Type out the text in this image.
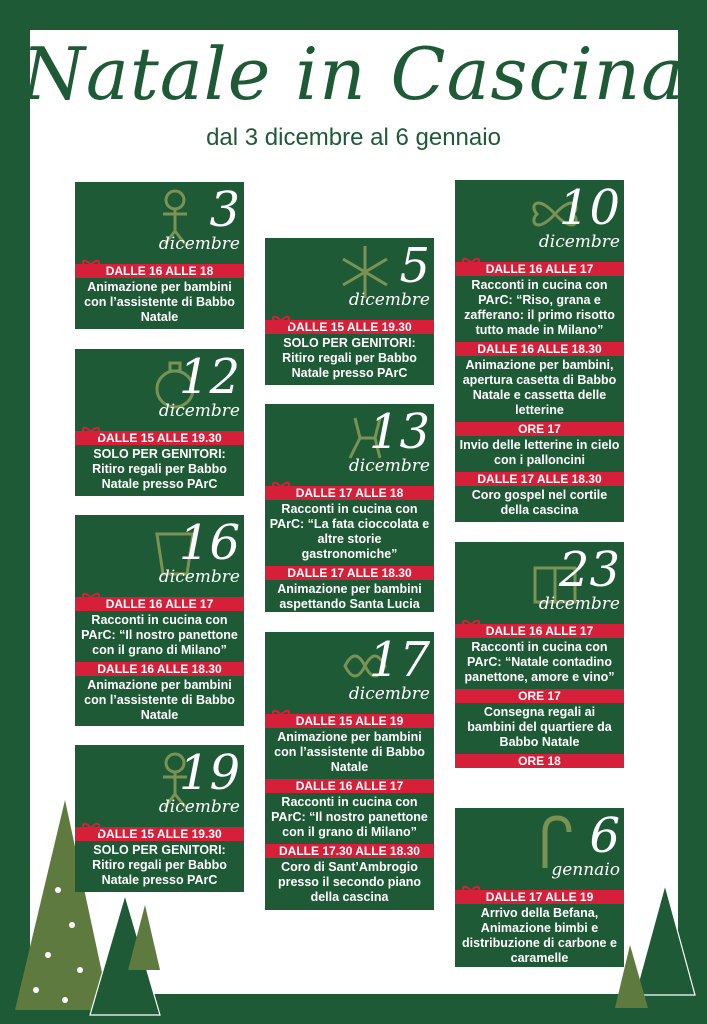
Natale in Cascina
dal 3 dicembre al 6 gennaio
3
dicembre
DALLE 16 ALLE 18
Animazione per bambini con l’assistente di Babbo Natale
12
dicembre
DALLE 15 ALLE 19.30
SOLO PER GENITORI: Ritiro regali per Babbo Natale presso PArC
16
dicembre
DALLE 16 ALLE 17
Racconti in cucina con PArC: “Il nostro panettone con il grano di Milano”
DALLE 16 ALLE 18.30
Animazione per bambini con l’assistente di Babbo Natale
19
dicembre
DALLE 15 ALLE 19.30
SOLO PER GENITORI: Ritiro regali per Babbo Natale presso PArC
5
dicembre
DALLE 15 ALLE 19.30
SOLO PER GENITORI: Ritiro regali per Babbo Natale presso PArC
13
dicembre
DALLE 17 ALLE 18
Racconti in cucina con PArC: “La fata cioccolata e altre storie gastronomiche”
DALLE 17 ALLE 18.30
Animazione per bambini aspettando Santa Lucia
17
dicembre
DALLE 15 ALLE 19
Animazione per bambini con l’assistente di Babbo Natale
DALLE 16 ALLE 17
Racconti in cucina con PArC: “Il nostro panettone con il grano di Milano”
DALLE 17.30 ALLE 18.30
Coro di Sant’Ambrogio presso il secondo piano della cascina
10
dicembre
DALLE 16 ALLE 17
Racconti in cucina con PArC: “Riso, grana e zafferano: il primo risotto tutto made in Milano”
DALLE 16 ALLE 18.30
Animazione per bambini, apertura casetta di Babbo Natale e cassetta delle letterine
ORE 17
Invio delle letterine in cielo con i palloncini
DALLE 17 ALLE 18.30
Coro gospel nel cortile della cascina
23
dicembre
DALLE 16 ALLE 17
Racconti in cucina con PArC: “Natale contadino panettone, amore e vino”
ORE 17
Consegna regali ai bambini del quartiere da Babbo Natale
ORE 18
Coro Cai
6
gennaio
DALLE 17 ALLE 19
Arrivo della Befana, Animazione bimbi e distribuzione di carbone e caramelle
